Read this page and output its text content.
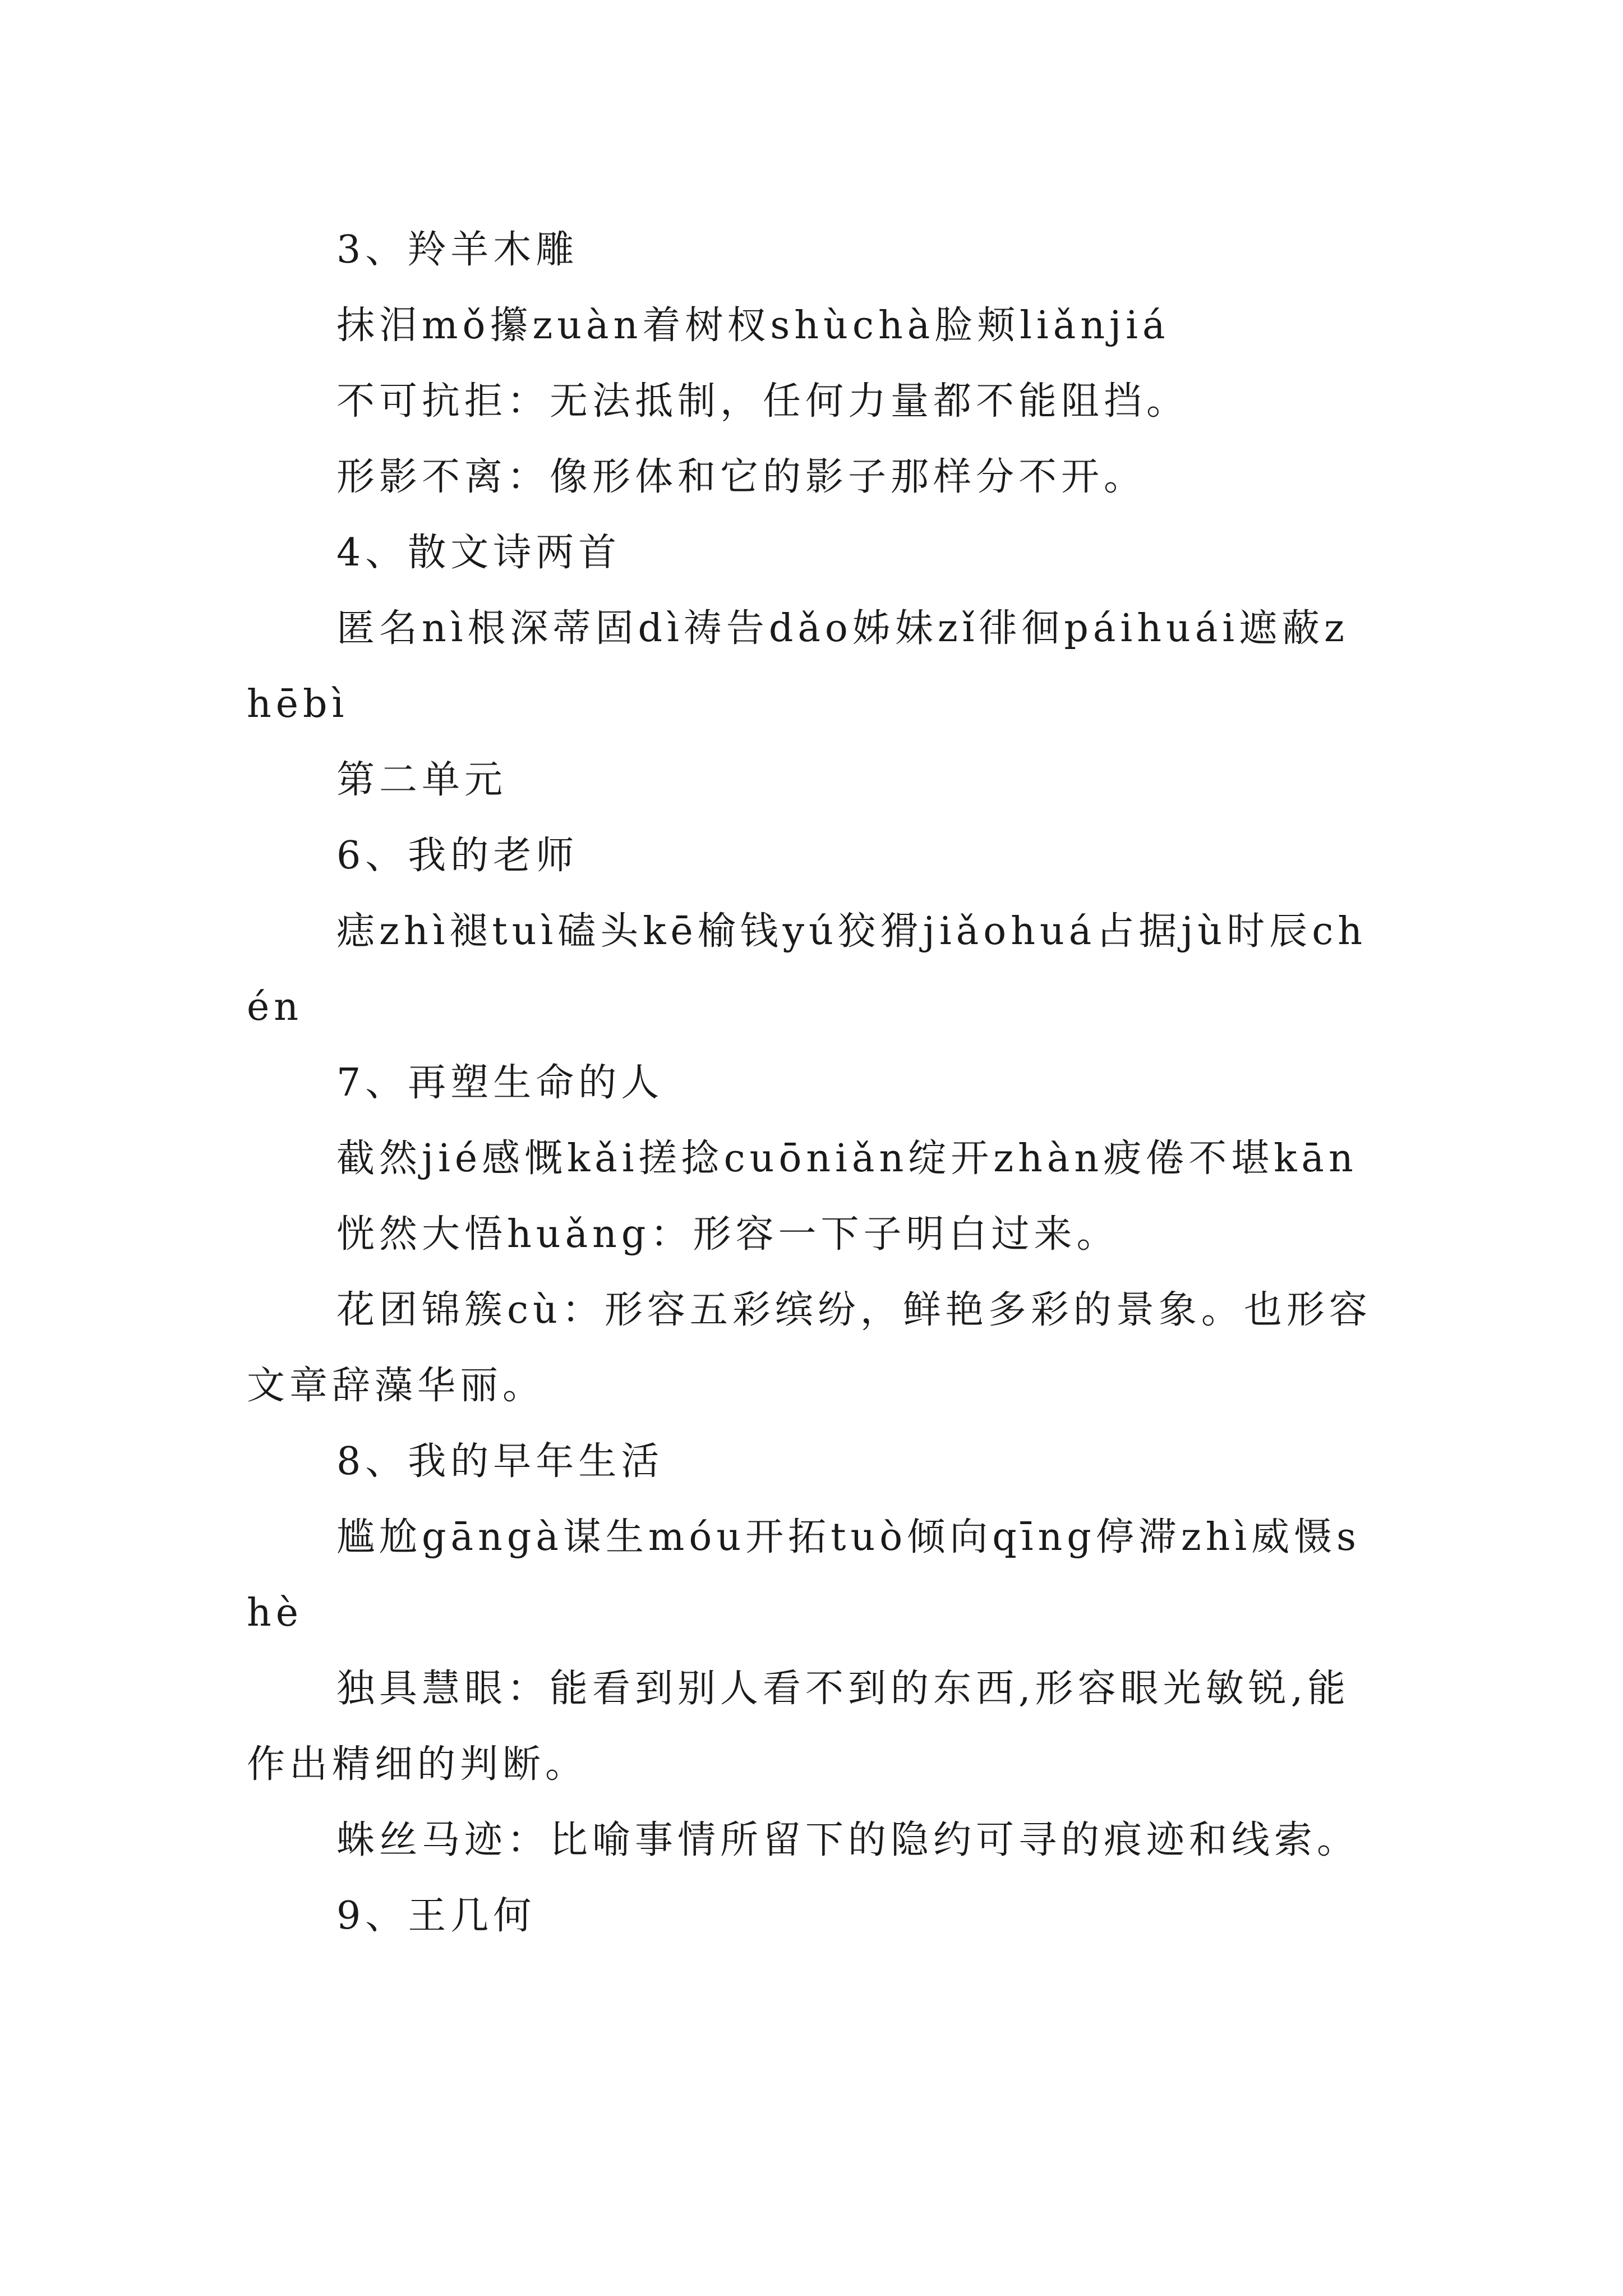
3、羚羊木雕

抹泪mǒ攥zuàn着树杈shùchà脸颊liǎnjiá

不可抗拒：无法抵制，任何力量都不能阻挡。

形影不离：像形体和它的影子那样分不开。

4、散文诗两首

匿名nì根深蒂固dì祷告dǎo姊妹zǐ徘徊páihuái遮蔽zhēbì

第二单元

6、我的老师

痣zhì褪tuì磕头kē榆钱yú狡猾jiǎohuá占据jù时辰chén

7、再塑生命的人

截然jié感慨kǎi搓捻cuōniǎn绽开zhàn疲倦不堪kān

恍然大悟huǎng：形容一下子明白过来。

花团锦簇cù：形容五彩缤纷，鲜艳多彩的景象。也形容文章辞藻华丽。

8、我的早年生活

尴尬gāngà谋生móu开拓tuò倾向qīng停滞zhì威慑shè

独具慧眼：能看到别人看不到的东西,形容眼光敏锐,能作出精细的判断。

蛛丝马迹：比喻事情所留下的隐约可寻的痕迹和线索。

9、王几何
